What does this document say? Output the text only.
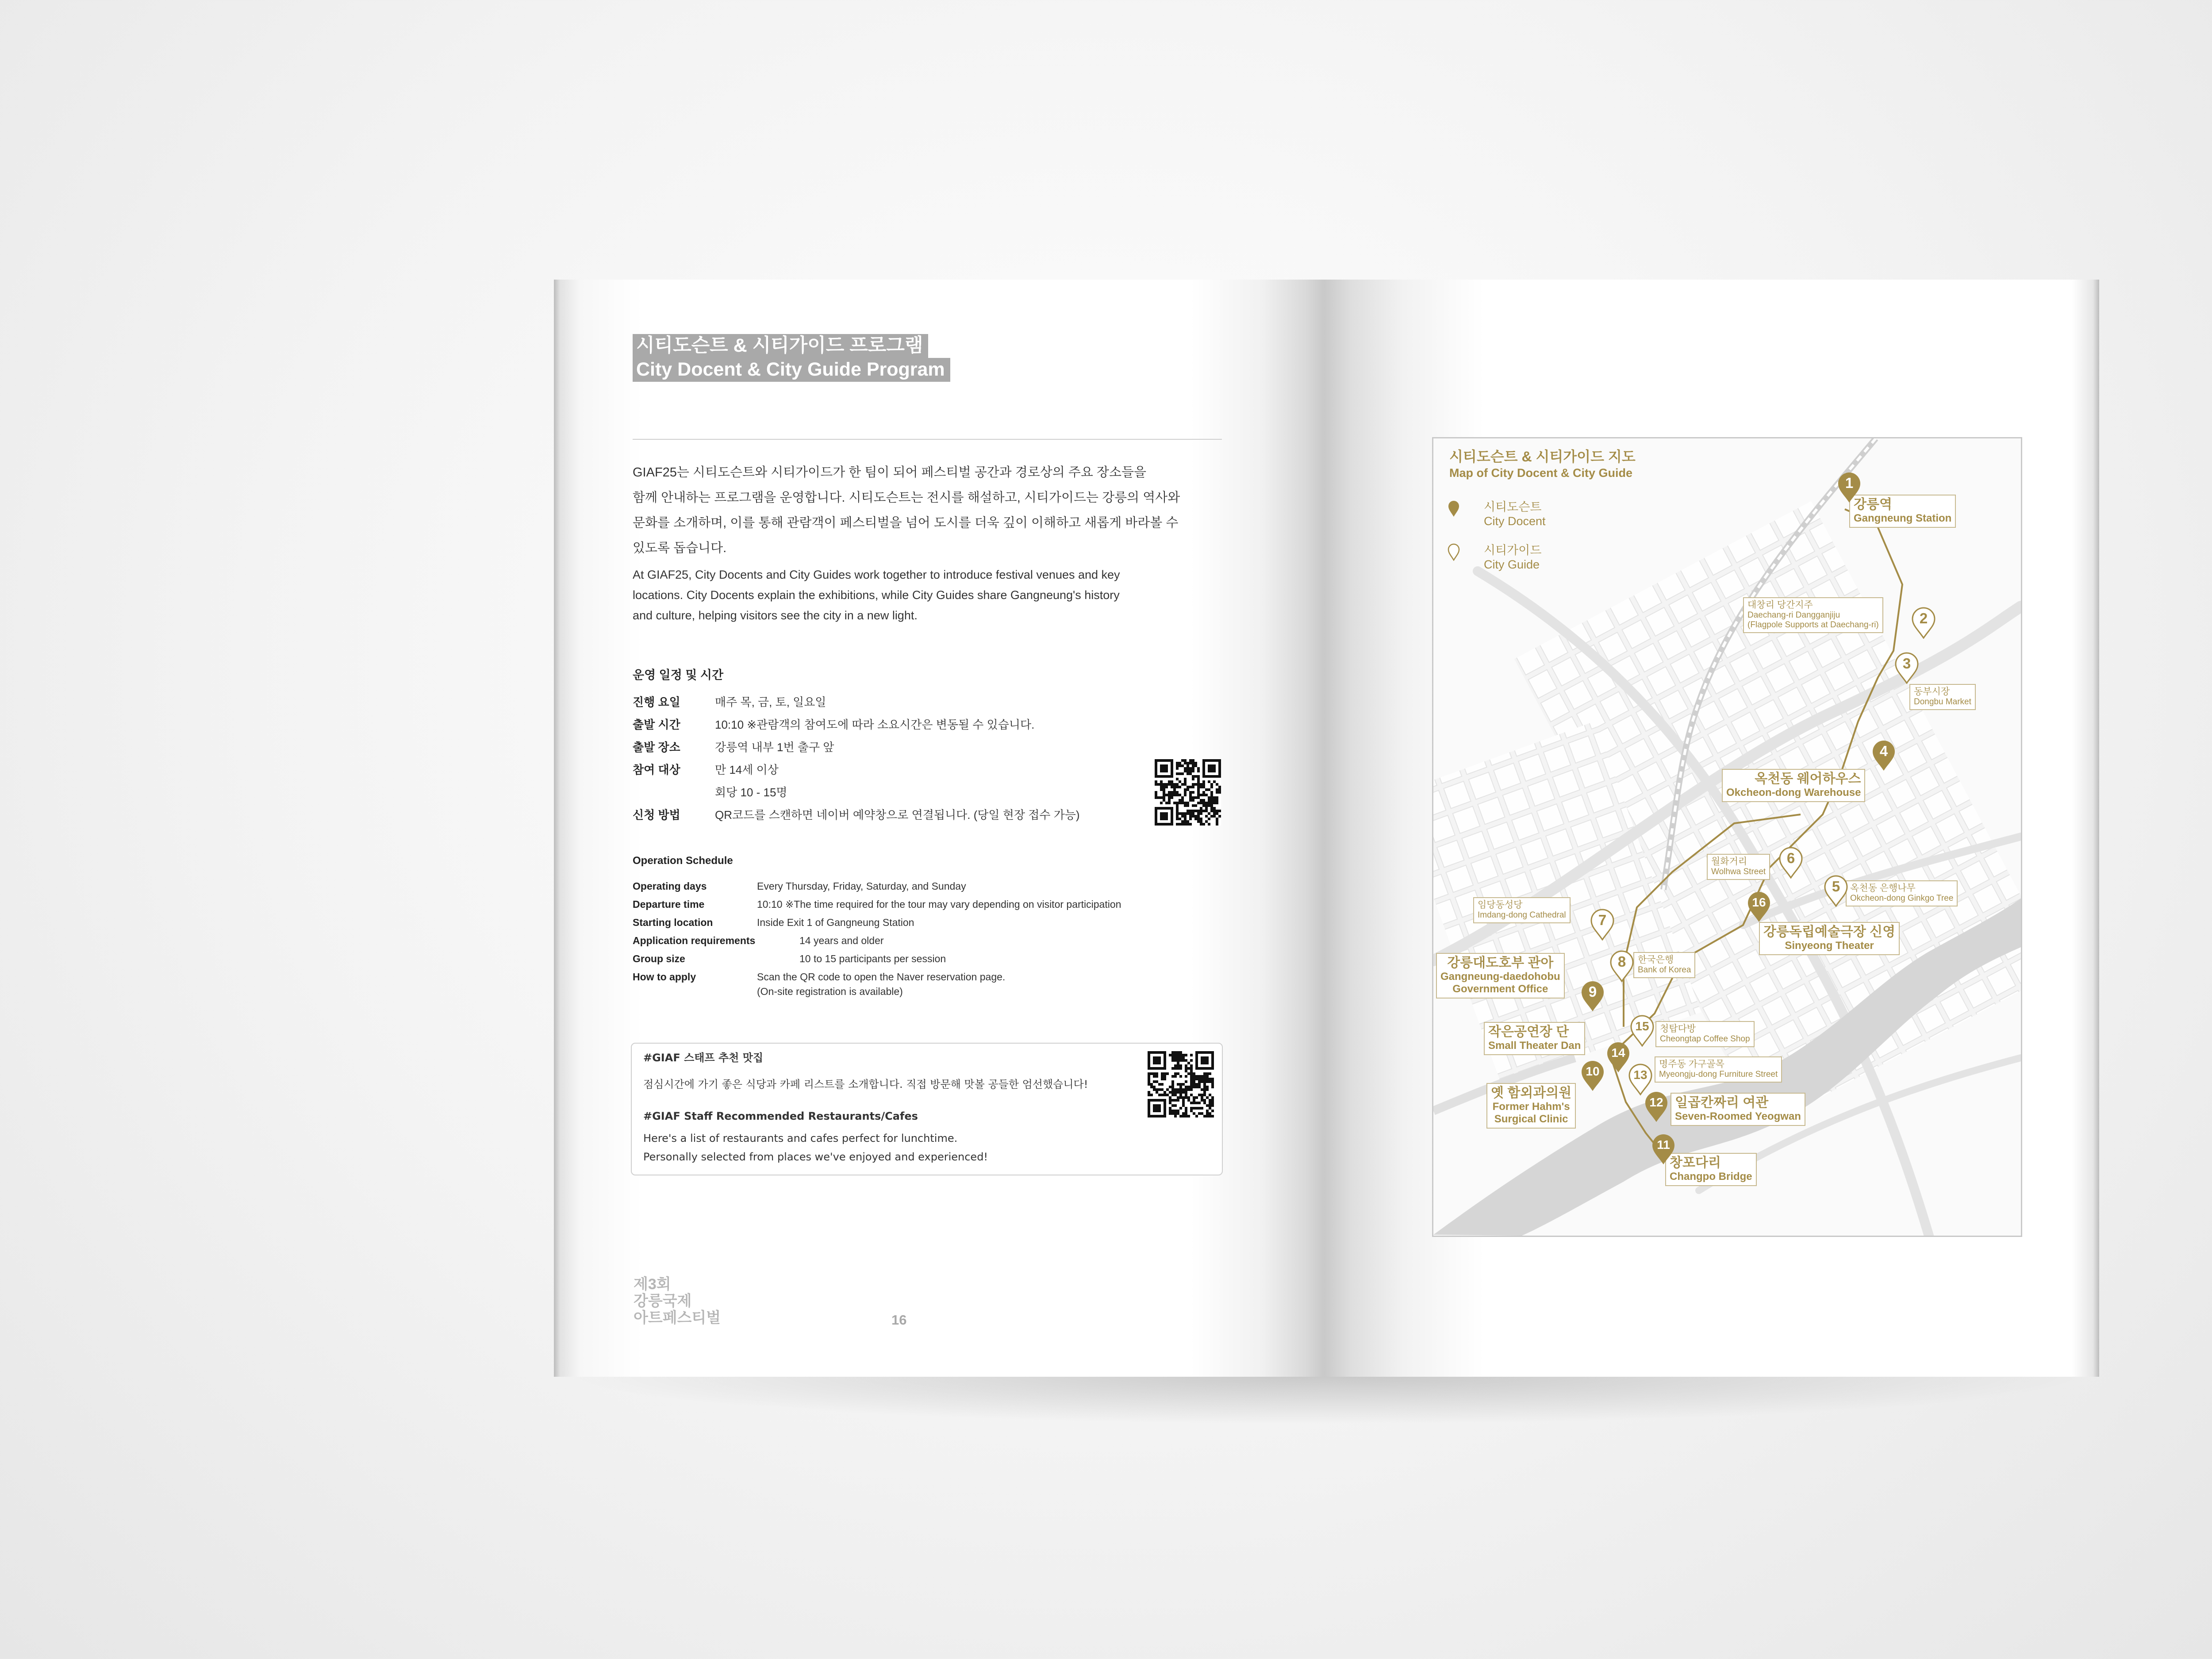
시티도슨트 & 시티가이드 프로그램
City Docent & City Guide Program
GIAF25는 시티도슨트와 시티가이드가 한 팀이 되어 페스티벌 공간과 경로상의 주요 장소들을
함께 안내하는 프로그램을 운영합니다. 시티도슨트는 전시를 해설하고, 시티가이드는 강릉의 역사와
문화를 소개하며, 이를 통해 관람객이 페스티벌을 넘어 도시를 더욱 깊이 이해하고 새롭게 바라볼 수
있도록 돕습니다.
At GIAF25, City Docents and City Guides work together to introduce festival venues and key
locations. City Docents explain the exhibitions, while City Guides share Gangneung's history
and culture, helping visitors see the city in a new light.
운영 일정 및 시간
진행 요일	매주 목, 금, 토, 일요일
출발 시간	10:10 ※관람객의 참여도에 따라 소요시간은 변동될 수 있습니다.
출발 장소	강릉역 내부 1번 출구 앞
참여 대상	만 14세 이상
회당 10 - 15명
신청 방법	QR코드를 스캔하면 네이버 예약창으로 연결됩니다. (당일 현장 접수 가능)
Operation Schedule
Operating days	Every Thursday, Friday, Saturday, and Sunday
Departure time	10:10 ※The time required for the tour may vary depending on visitor participation
Starting location	Inside Exit 1 of Gangneung Station
Application requirements	14 years and older
Group size	10 to 15 participants per session
How to apply	Scan the QR code to open the Naver reservation page.
(On-site registration is available)
#GIAF 스태프 추천 맛집
점심시간에 가기 좋은 식당과 카페 리스트를 소개합니다. 직접 방문해 맛볼 공들한 엄선했습니다!
#GIAF Staff Recommended Restaurants/Cafes
Here's a list of restaurants and cafes perfect for lunchtime.
Personally selected from places we've enjoyed and experienced!
제3회
강릉국제
아트페스티벌	16
시티도슨트 & 시티가이드 지도
Map of City Docent & City Guide
시티도슨트
City Docent
시티가이드
City Guide
강릉역
Gangneung Station
대창리 당간지주
Daechang-ri Dangganjiju
(Flagpole Supports at Daechang-ri)
동부시장
Dongbu Market
옥천동 웨어하우스
Okcheon-dong Warehouse
옥천동 은행나무
Okcheon-dong Ginkgo Tree
월화거리
Wolhwa Street
임당동성당
Imdang-dong Cathedral
한국은행
Bank of Korea
강릉대도호부 관아
Gangneung-daedohobu
Government Office
옛 함외과의원
Former Hahm's
Surgical Clinic
창포다리
Changpo Bridge
일곱칸짜리 여관
Seven-Roomed Yeogwan
명주동 가구골목
Myeongju-dong Furniture Street
작은공연장 단
Small Theater Dan
청탑다방
Cheongtap Coffee Shop
강릉독립예술극장 신영
Sinyeong Theater
1
2
3
4
5
6
7
8
9
10
11
12
13
14
15
16
